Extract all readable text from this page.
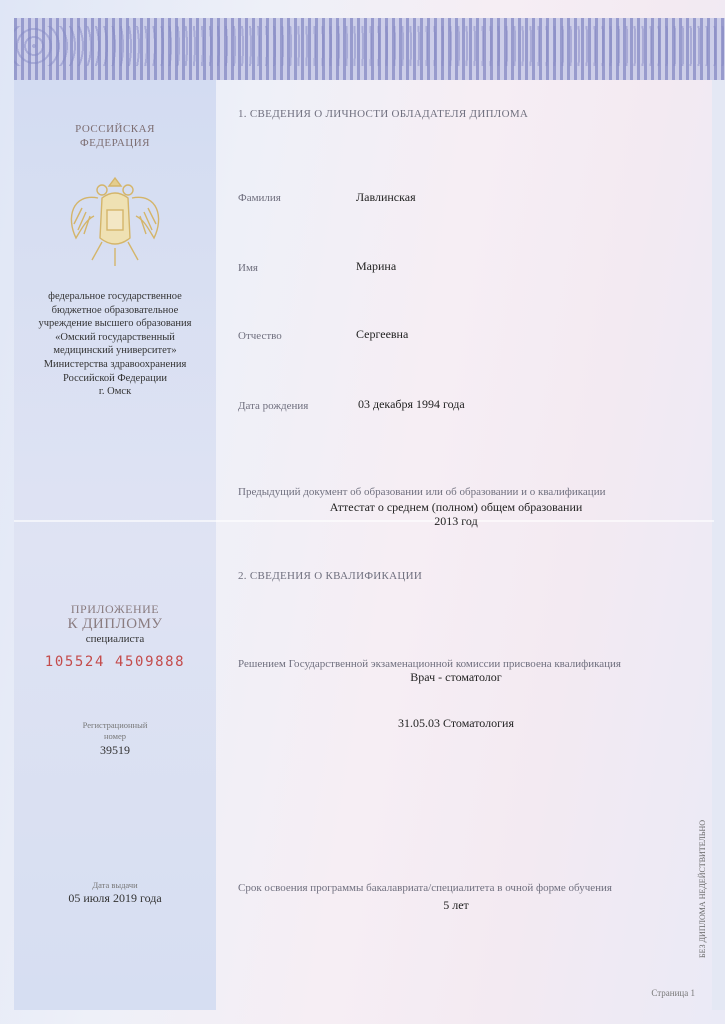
РОССИЙСКАЯ
ФЕДЕРАЦИЯ
федеральное государственное
бюджетное образовательное
учреждение высшего образования
«Омский государственный
медицинский университет»
Министерства здравоохранения
Российской Федерации
г. Омск
ПРИЛОЖЕНИЕ
К ДИПЛОМУ
специалиста
105524 4509888
Регистрационный
номер
39519
Дата выдачи
05 июля 2019 года
1. СВЕДЕНИЯ О ЛИЧНОСТИ ОБЛАДАТЕЛЯ ДИПЛОМА
Фамилия	Лавлинская
Имя	Марина
Отчество	Сергеевна
Дата рождения	03 декабря 1994 года
Предыдущий документ об образовании или об образовании и о квалификации
Аттестат о среднем (полном) общем образовании
2013 год
2. СВЕДЕНИЯ О КВАЛИФИКАЦИИ
Решением Государственной экзаменационной комиссии присвоена квалификация
Врач - стоматолог
31.05.03 Стоматология
Срок освоения программы бакалавриата/специалитета в очной форме обучения
5 лет	БЕЗ ДИПЛОМА НЕДЕЙСТВИТЕЛЬНО
Страница 1
